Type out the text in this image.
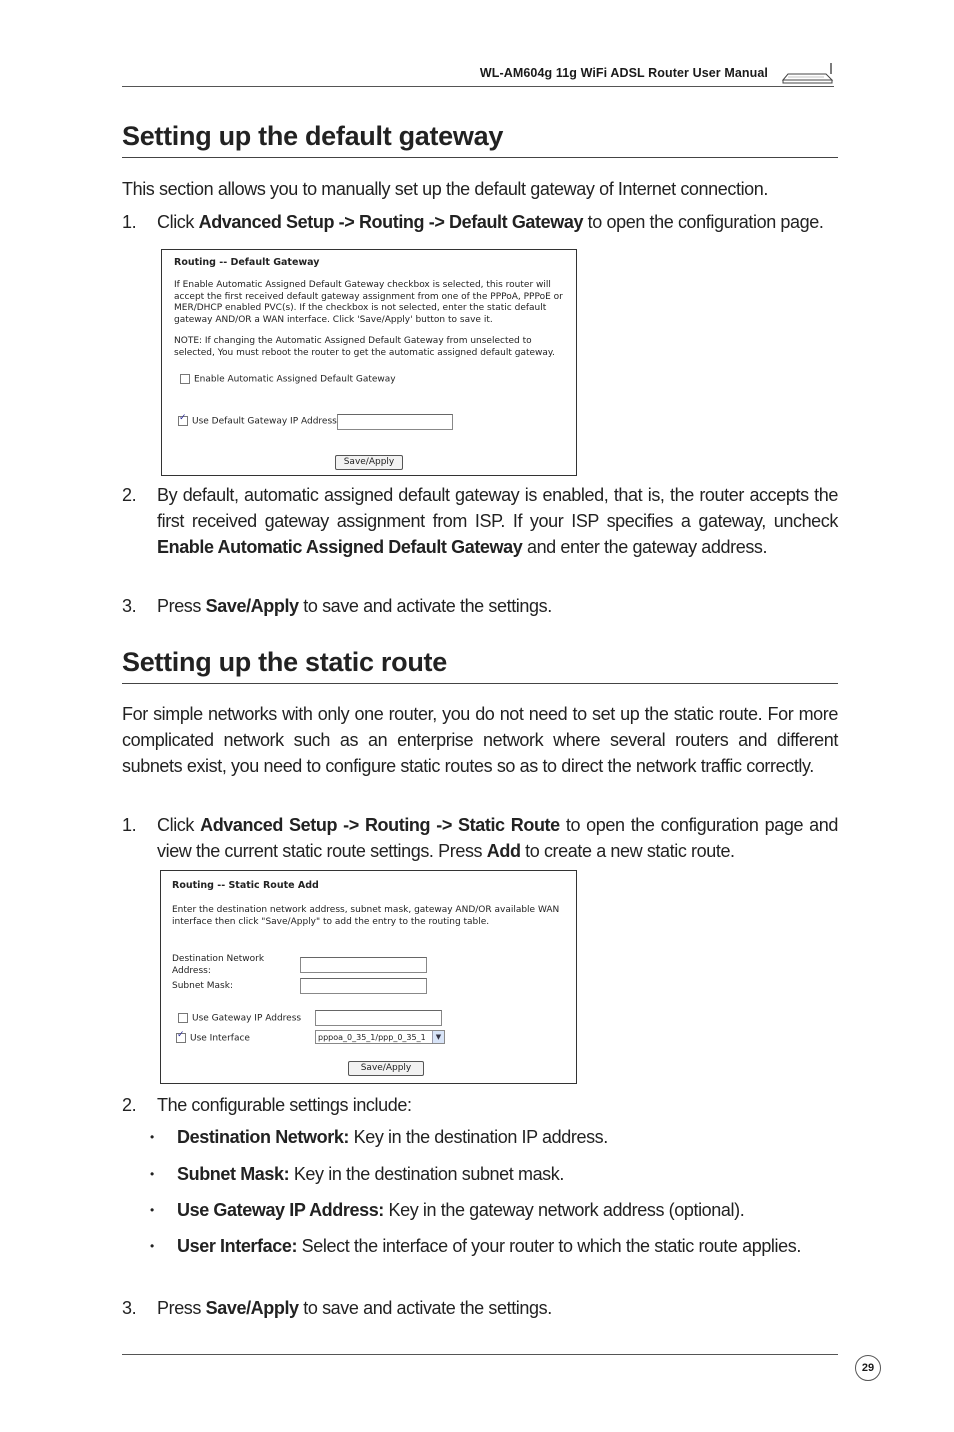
WL-AM604g 11g WiFi ADSL Router User Manual
Setting up the default gateway
This section allows you to manually set up the default gateway of Internet connection.
1. Click Advanced Setup -> Routing -> Default Gateway to open the configuration page.
Routing -- Default Gateway
If Enable Automatic Assigned Default Gateway checkbox is selected, this router will accept the first received default gateway assignment from one of the PPPoA, PPPoE or MER/DHCP enabled PVC(s). If the checkbox is not selected, enter the static default gateway AND/OR a WAN interface. Click 'Save/Apply' button to save it.
NOTE: If changing the Automatic Assigned Default Gateway from unselected to selected, You must reboot the router to get the automatic assigned default gateway.
Enable Automatic Assigned Default Gateway
✓Use Default Gateway IP Address
Save/Apply
2. By default, automatic assigned default gateway is enabled, that is, the router accepts the first received gateway assignment from ISP. If your ISP specifies a gateway, uncheck Enable Automatic Assigned Default Gateway and enter the gateway address.
3. Press Save/Apply to save and activate the settings.
Setting up the static route
For simple networks with only one router, you do not need to set up the static route. For more complicated network such as an enterprise network where several routers and different subnets exist, you need to configure static routes so as to direct the network traffic correctly.
1. Click Advanced Setup -> Routing -> Static Route to open the configuration page and view the current static route settings. Press Add to create a new static route.
Routing -- Static Route Add
Enter the destination network address, subnet mask, gateway AND/OR available WAN interface then click "Save/Apply" to add the entry to the routing table.
Destination Network Address:
Subnet Mask:
Use Gateway IP Address
✓Use Interface	pppoa_0_35_1/ppp_0_35_1	▼
Save/Apply
2. The configurable settings include:
• Destination Network: Key in the destination IP address.
• Subnet Mask: Key in the destination subnet mask.
• Use Gateway IP Address: Key in the gateway network address (optional).
• User Interface: Select the interface of your router to which the static route applies.
3. Press Save/Apply to save and activate the settings.
29
